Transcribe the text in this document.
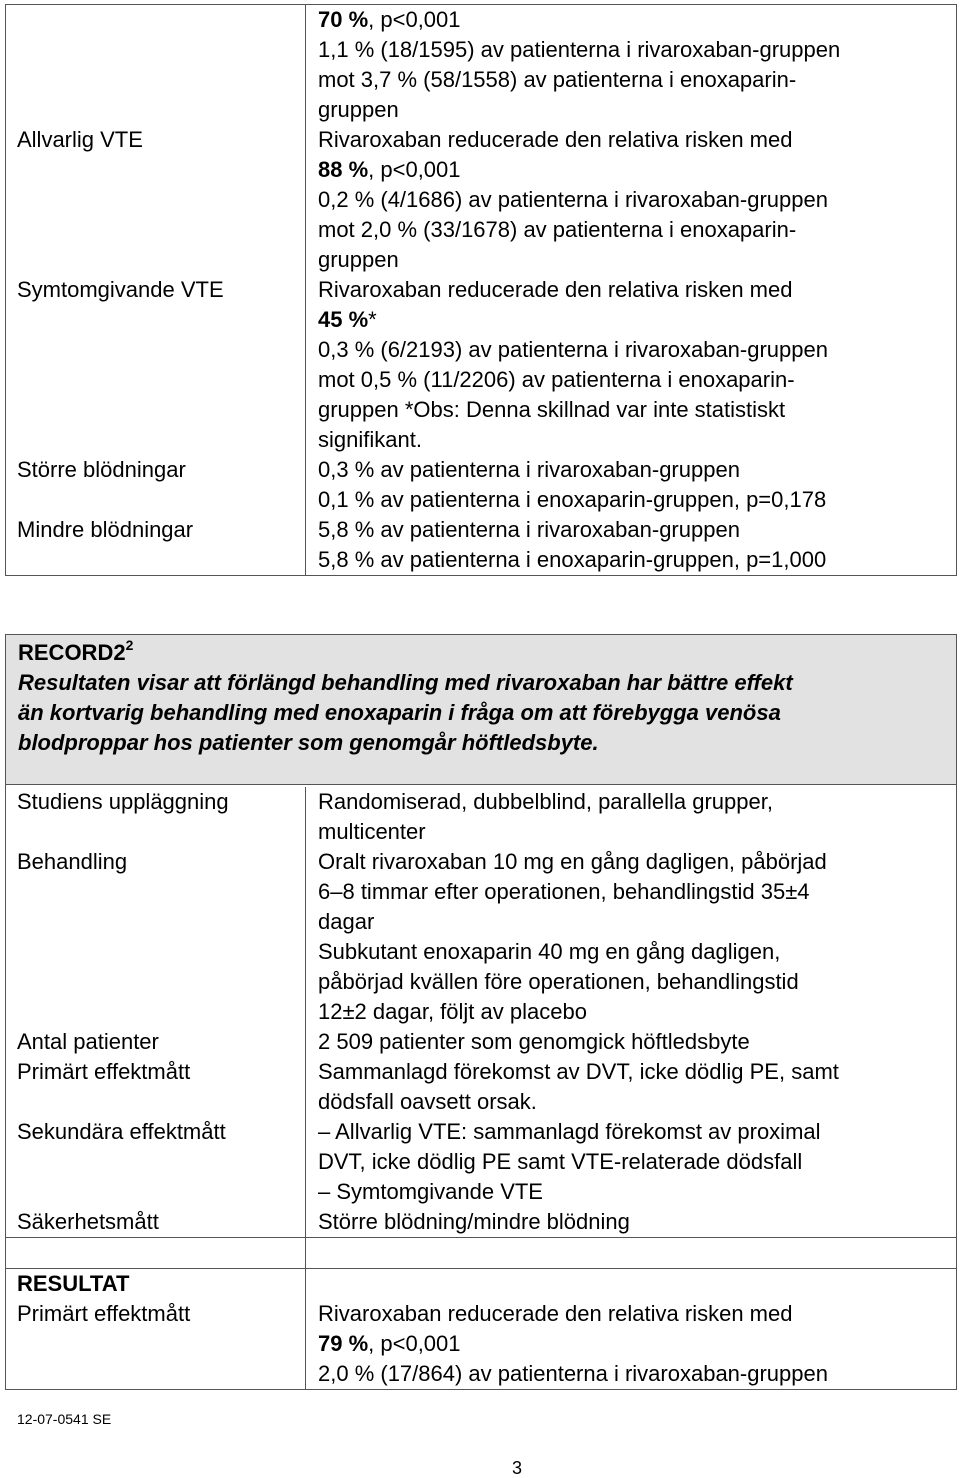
70 %, p<0,001
1,1 % (18/1595) av patienterna i rivaroxaban-gruppen
mot 3,7 % (58/1558) av patienterna i enoxaparin-
gruppen
Allvarlig VTE	Rivaroxaban reducerade den relativa risken med
88 %, p<0,001
0,2 % (4/1686) av patienterna i rivaroxaban-gruppen
mot 2,0 % (33/1678) av patienterna i enoxaparin-
gruppen
Symtomgivande VTE	Rivaroxaban reducerade den relativa risken med
45 %*
0,3 % (6/2193) av patienterna i rivaroxaban-gruppen
mot 0,5 % (11/2206) av patienterna i enoxaparin-
gruppen *Obs: Denna skillnad var inte statistiskt
signifikant.
Större blödningar	0,3 % av patienterna i rivaroxaban-gruppen
0,1 % av patienterna i enoxaparin-gruppen, p=0,178
Mindre blödningar	5,8 % av patienterna i rivaroxaban-gruppen
5,8 % av patienterna i enoxaparin-gruppen, p=1,000
$RECORD2^2$
Resultaten visar att förlängd behandling med rivaroxaban har bättre effekt
än kortvarig behandling med enoxaparin i fråga om att förebygga venösa
blodproppar hos patienter som genomgår höftledsbyte.
Studiens uppläggning	Randomiserad, dubbelblind, parallella grupper,
multicenter
Behandling	Oralt rivaroxaban 10 mg en gång dagligen, påbörjad
6–8 timmar efter operationen, behandlingstid 35±4
dagar
Subkutant enoxaparin 40 mg en gång dagligen,
påbörjad kvällen före operationen, behandlingstid
12±2 dagar, följt av placebo
Antal patienter	2 509 patienter som genomgick höftledsbyte
Primärt effektmått	Sammanlagd förekomst av DVT, icke dödlig PE, samt
dödsfall oavsett orsak.
Sekundära effektmått	– Allvarlig VTE: sammanlagd förekomst av proximal
DVT, icke dödlig PE samt VTE-relaterade dödsfall
– Symtomgivande VTE
Säkerhetsmått	Större blödning/mindre blödning

RESULTAT
Primärt effektmått
	Rivaroxaban reducerade den relativa risken med
79 %, p<0,001
2,0 % (17/864) av patienterna i rivaroxaban-gruppen
12-07-0541 SE
3
